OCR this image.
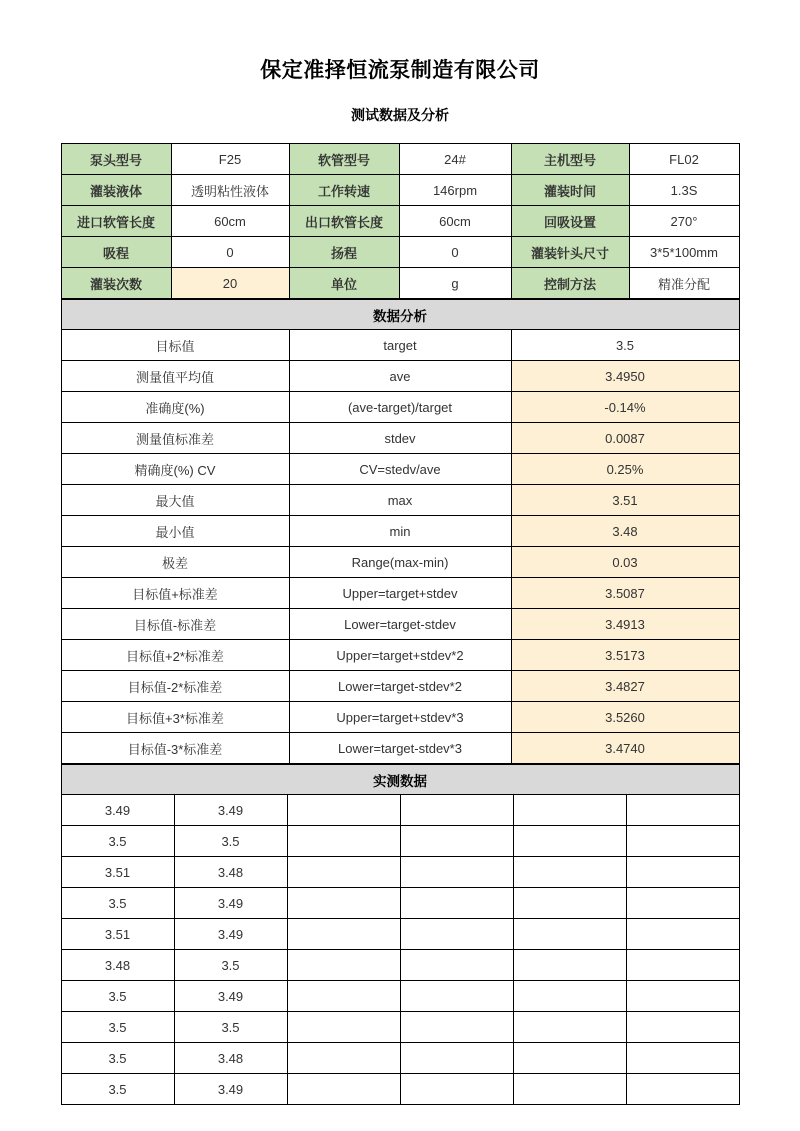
保定准择恒流泵制造有限公司
测试数据及分析
泵头型号	F25	软管型号	24#	主机型号	FL02
灌装液体	透明粘性液体	工作转速	146rpm	灌装时间	1.3S
进口软管长度	60cm	出口软管长度	60cm	回吸设置	270°
吸程	0	扬程	0	灌装针头尺寸	3*5*100mm
灌装次数	20	单位	g	控制方法	精准分配
数据分析		
目标值	target	3.5
测量值平均值	ave	3.4950
准确度(%)	(ave-target)/target	-0.14%
测量值标准差	stdev	0.0087
精确度(%) CV	CV=stedv/ave	0.25%
最大值	max	3.51
最小值	min	3.48
极差	Range(max-min)	0.03
目标值+标准差	Upper=target+stdev	3.5087
目标值-标准差	Lower=target-stdev	3.4913
目标值+2*标准差	Upper=target+stdev*2	3.5173
目标值-2*标准差	Lower=target-stdev*2	3.4827
目标值+3*标准差	Upper=target+stdev*3	3.5260
目标值-3*标准差	Lower=target-stdev*3	3.4740
实测数据					
3.49	3.49				
3.5	3.5				
3.51	3.48				
3.5	3.49				
3.51	3.49				
3.48	3.5				
3.5	3.49				
3.5	3.5				
3.5	3.48				
3.5	3.49				
